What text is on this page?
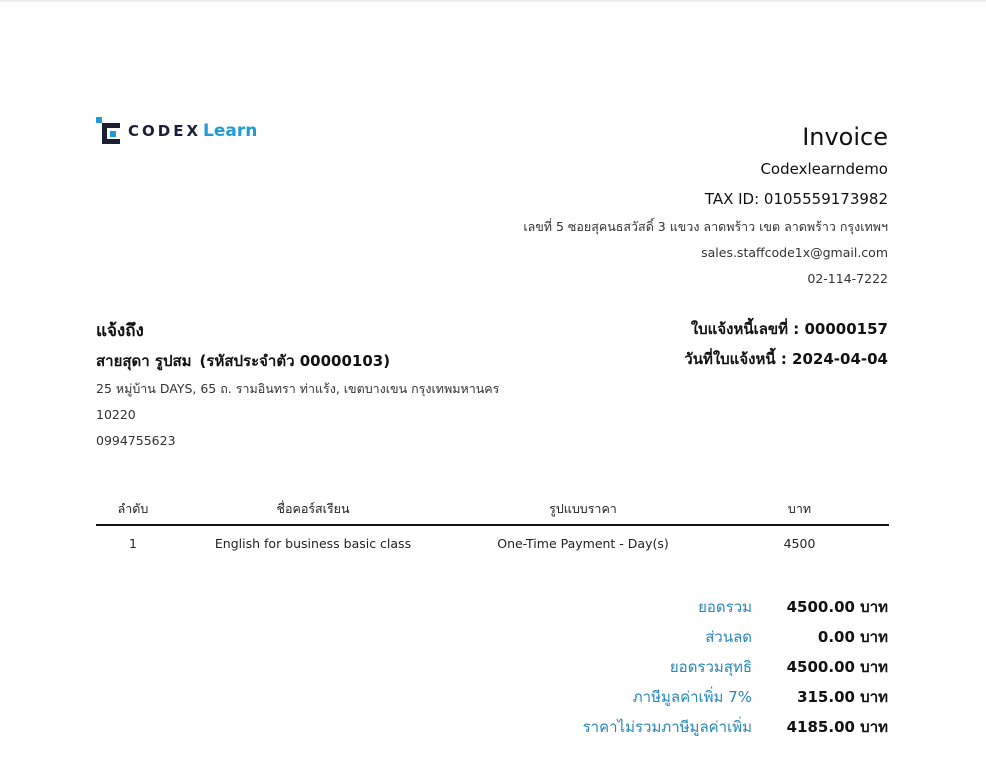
CODEX Learn	Invoice
Codexlearndemo
TAX ID: 0105559173982
เลขที่ 5 ซอยสุคนธสวัสดิ์ 3 แขวง ลาดพร้าว เขต ลาดพร้าว กรุงเทพฯ
sales.staffcode1x@gmail.com
02-114-7222
แจ้งถึง
สายสุดา รูปสม (รหัสประจำตัว 00000103)
25 หมู่บ้าน DAYS, 65 ถ. รามอินทรา ท่าแร้ง, เขตบางเขน กรุงเทพมหานคร
10220
0994755623
ใบแจ้งหนี้เลขที่ : 00000157
วันที่ใบแจ้งหนี้ : 2024-04-04
ลำดับ	ชื่อคอร์สเรียน	รูปแบบราคา	บาท
1	English for business basic class	One-Time Payment - Day(s)	4500
ยอดรวม	4500.00 บาท
ส่วนลด	0.00 บาท
ยอดรวมสุทธิ	4500.00 บาท
ภาษีมูลค่าเพิ่ม 7%	315.00 บาท
ราคาไม่รวมภาษีมูลค่าเพิ่ม	4185.00 บาท
